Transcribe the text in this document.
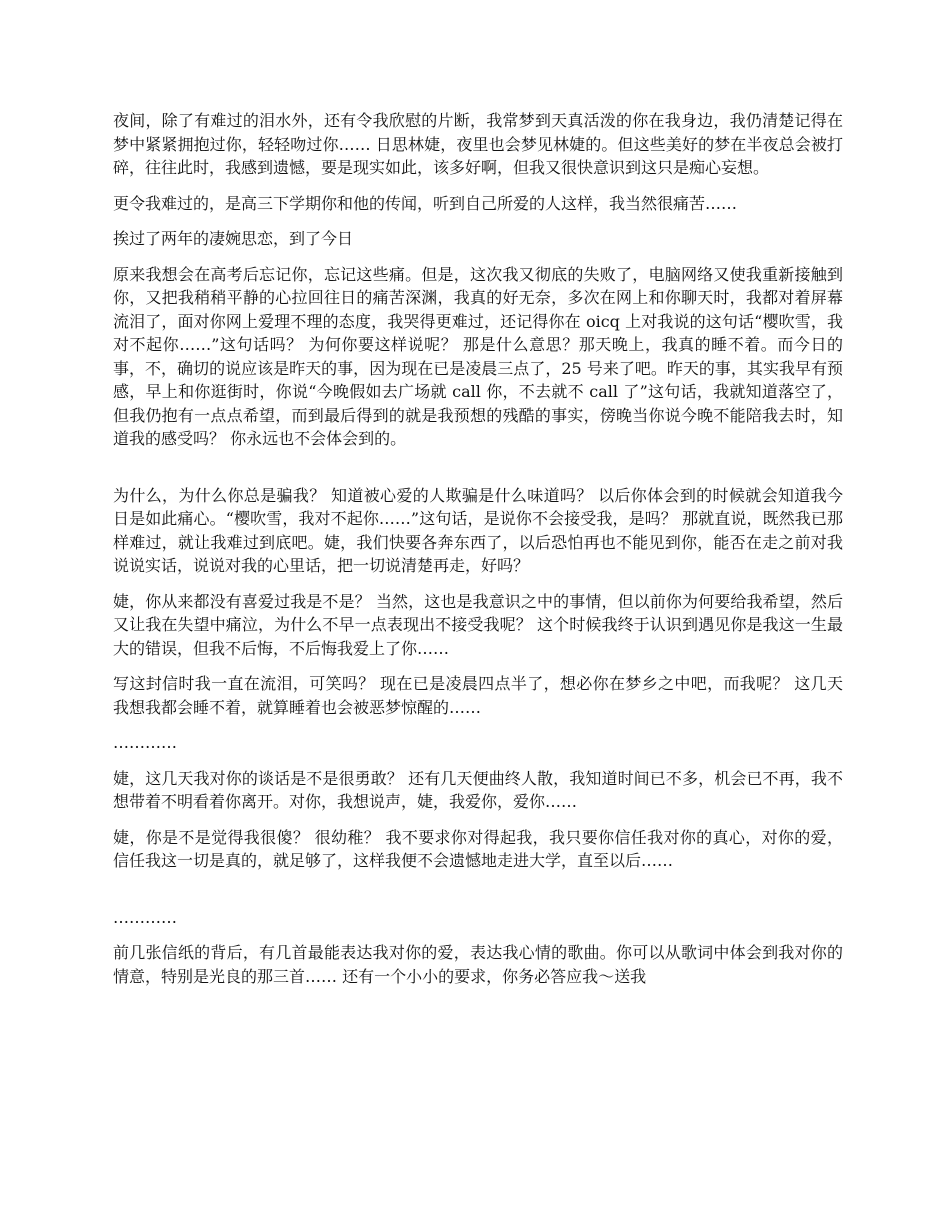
夜间，除了有难过的泪水外，还有令我欣慰的片断，我常梦到天真活泼的你在我身边，我仍清楚记得在梦中紧紧拥抱过你，轻轻吻过你…… 日思林婕，夜里也会梦见林婕的。但这些美好的梦在半夜总会被打碎，往往此时，我感到遗憾，要是现实如此，该多好啊，但我又很快意识到这只是痴心妄想。

更令我难过的，是高三下学期你和他的传闻，听到自己所爱的人这样，我当然很痛苦……

挨过了两年的凄婉思恋，到了今日

原来我想会在高考后忘记你，忘记这些痛。但是，这次我又彻底的失败了，电脑网络又使我重新接触到你，又把我稍稍平静的心拉回往日的痛苦深渊，我真的好无奈，多次在网上和你聊天时，我都对着屏幕流泪了，面对你网上爱理不理的态度，我哭得更难过，还记得你在 oicq 上对我说的这句话“樱吹雪，我对不起你……”这句话吗？ 为何你要这样说呢？ 那是什么意思？那天晚上，我真的睡不着。而今日的事，不，确切的说应该是昨天的事，因为现在已是凌晨三点了，25 号来了吧。昨天的事，其实我早有预感，早上和你逛街时，你说“今晚假如去广场就 call 你，不去就不 call 了”这句话，我就知道落空了，但我仍抱有一点点希望，而到最后得到的就是我预想的残酷的事实，傍晚当你说今晚不能陪我去时，知道我的感受吗？ 你永远也不会体会到的。

为什么，为什么你总是骗我？ 知道被心爱的人欺骗是什么味道吗？ 以后你体会到的时候就会知道我今日是如此痛心。“樱吹雪，我对不起你……”这句话，是说你不会接受我，是吗？ 那就直说，既然我已那样难过，就让我难过到底吧。婕，我们快要各奔东西了，以后恐怕再也不能见到你，能否在走之前对我说说实话，说说对我的心里话，把一切说清楚再走，好吗？

婕，你从来都没有喜爱过我是不是？ 当然，这也是我意识之中的事情，但以前你为何要给我希望，然后又让我在失望中痛泣，为什么不早一点表现出不接受我呢？ 这个时候我终于认识到遇见你是我这一生最大的错误，但我不后悔，不后悔我爱上了你……

写这封信时我一直在流泪，可笑吗？ 现在已是凌晨四点半了，想必你在梦乡之中吧，而我呢？ 这几天我想我都会睡不着，就算睡着也会被恶梦惊醒的……

…………

婕，这几天我对你的谈话是不是很勇敢？ 还有几天便曲终人散，我知道时间已不多，机会已不再，我不想带着不明看着你离开。对你，我想说声，婕，我爱你，爱你……

婕，你是不是觉得我很傻？ 很幼稚？ 我不要求你对得起我，我只要你信任我对你的真心，对你的爱，信任我这一切是真的，就足够了，这样我便不会遗憾地走进大学，直至以后……

…………

前几张信纸的背后，有几首最能表达我对你的爱，表达我心情的歌曲。你可以从歌词中体会到我对你的情意，特别是光良的那三首…… 还有一个小小的要求，你务必答应我～送我
